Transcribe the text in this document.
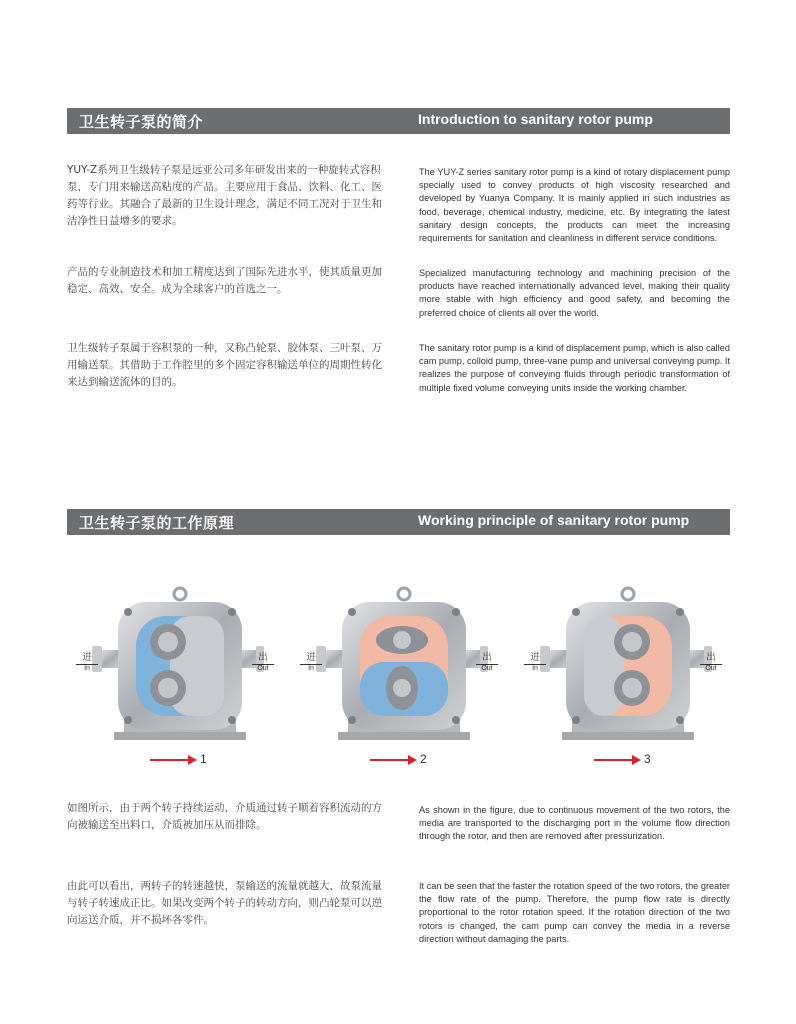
卫生转子泵的简介	Introduction to sanitary rotor pump
YUY-Z系列卫生级转子泵是远亚公司多年研发出来的一种旋转式容积泵，专门用来输送高粘度的产品。主要应用于食品、饮料、化工、医药等行业。其融合了最新的卫生设计理念，满足不同工况对于卫生和洁净性日益增多的要求。
产品的专业制造技术和加工精度达到了国际先进水平，使其质量更加稳定、高效、安全。成为全球客户的首选之一。
卫生级转子泵属于容积泵的一种，又称凸轮泵、胶体泵、三叶泵、万用输送泵。其借助于工作腔里的多个固定容积输送单位的周期性转化来达到输送流体的目的。
The YUY-Z series sanitary rotor pump is a kind of rotary displacement pump specially used to convey products of high viscosity researched and developed by Yuanya Company. It is mainly applied in such industries as food, beverage, chemical industry, medicine, etc. By integrating the latest sanitary design concepts, the products can meet the increasing requirements for sanitation and cleanliness in different service conditions.
Specialized manufacturing technology and machining precision of the products have reached internationally advanced level, making their quality more stable with high efficiency and good safety, and becoming the preferred choice of clients all over the world.
The sanitary rotor pump is a kind of displacement pump, which is also called cam pump, colloid pump, three-vane pump and universal conveying pump. It realizes the purpose of conveying fluids through periodic transformation of multiple fixed volume conveying units inside the working chamber.
卫生转子泵的工作原理	Working principle of sanitary rotor pump
进
In
出
Out
进
In
出
Out
进
In
出
Out
1	2	3
如图所示，由于两个转子持续运动，介质通过转子顺着容积流动的方向被输送至出料口，介质被加压从而排除。
由此可以看出，两转子的转速越快，泵输送的流量就越大，故泵流量与转子转速成正比。如果改变两个转子的转动方向，则凸轮泵可以逆向运送介质，并不损坏各零件。
As shown in the figure, due to continuous movement of the two rotors, the media are transported to the discharging port in the volume flow direction through the rotor, and then are removed after pressurization.
It can be seen that the faster the rotation speed of the two rotors, the greater the flow rate of the pump. Therefore, the pump flow rate is directly proportional to the rotor rotation speed. If the rotation direction of the two rotors is changed, the cam pump can convey the media in a reverse direction without damaging the parts.
